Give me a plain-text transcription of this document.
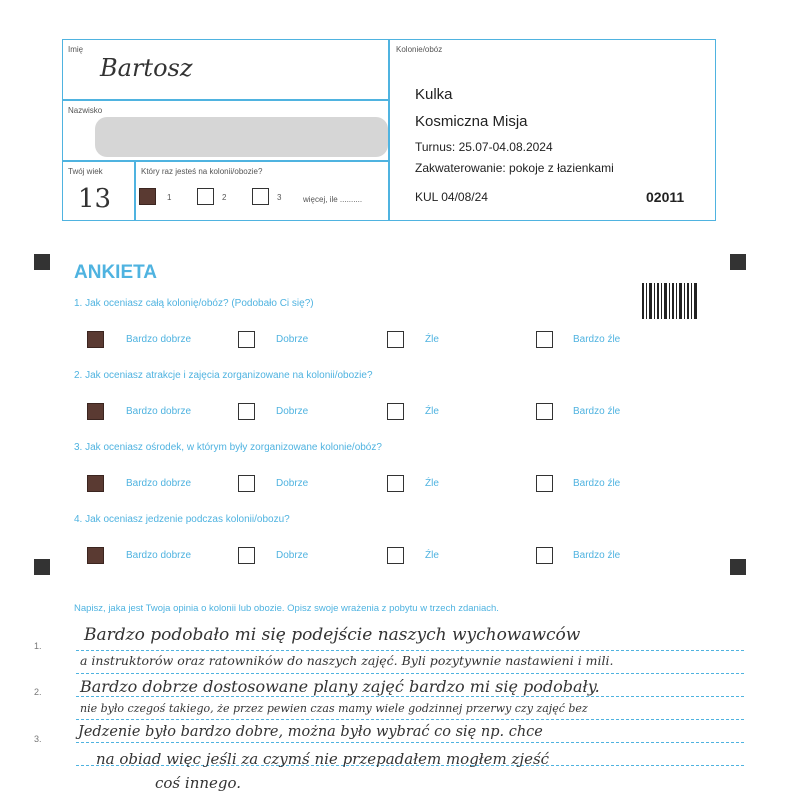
Imię
Bartosz
Nazwisko
Twój wiek
13
Który raz jesteś na kolonii/obozie?
1	2	3	więcej, ile ..........
Kolonie/obóz
Kulka
Kosmiczna Misja
Turnus: 25.07-04.08.2024
Zakwaterowanie: pokoje z łazienkami
KUL 04/08/24	02011
ANKIETA
1. Jak oceniasz całą kolonię/obóz? (Podobało Ci się?)
2. Jak oceniasz atrakcje i zajęcia zorganizowane na kolonii/obozie?
3. Jak oceniasz ośrodek, w którym były zorganizowane kolonie/obóz?
4. Jak oceniasz jedzenie podczas kolonii/obozu?
Bardzo dobrze	Dobrze	Źle	Bardzo źle
Bardzo dobrze	Dobrze	Źle	Bardzo źle
Bardzo dobrze	Dobrze	Źle	Bardzo źle
Bardzo dobrze	Dobrze	Źle	Bardzo źle
Napisz, jaka jest Twoja opinia o kolonii lub obozie. Opisz swoje wrażenia z pobytu w trzech zdaniach.
1.
2.
3.
Bardzo podobało mi się podejście naszych wychowawców
a instruktorów oraz ratowników do naszych zajęć. Byli pozytywnie nastawieni i mili.
Bardzo dobrze dostosowane plany zajęć bardzo mi się podobały.
nie było czegoś takiego, że przez pewien czas mamy wiele godzinnej przerwy czy zajęć bez
Jedzenie było bardzo dobre, można było wybrać co się np. chce
na obiad więc jeśli za czymś nie przepadałem mogłem zjeść
coś innego.
